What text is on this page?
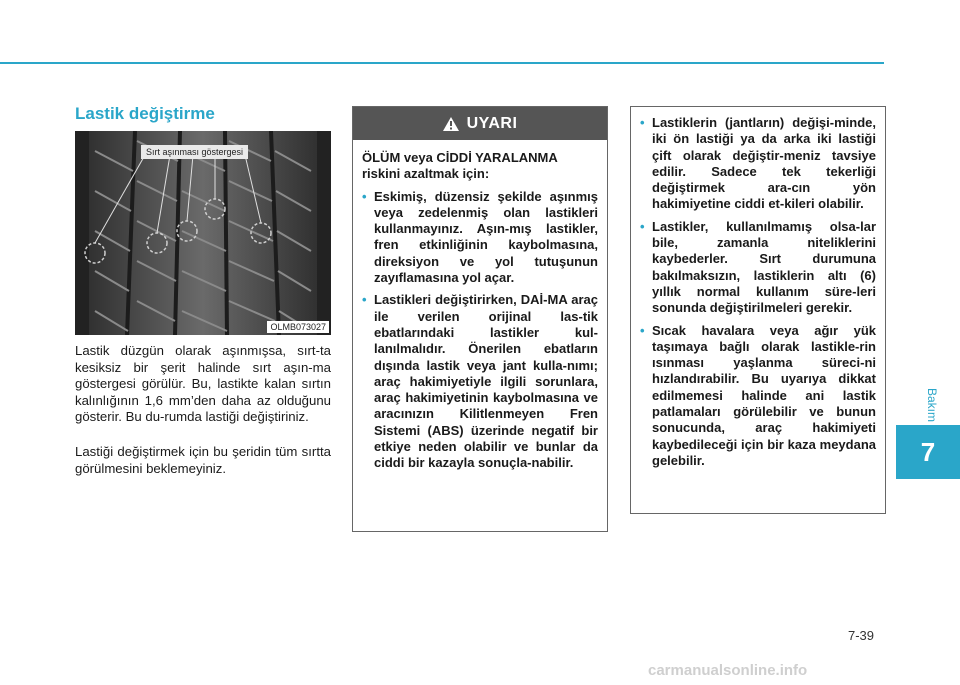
Bakım
7
Lastik değiştirme
Sırt aşınması göstergesi
OLMB073027

Lastik düzgün olarak aşınmışsa, sırt-ta kesiksiz bir şerit halinde sırt aşın-ma göstergesi görülür. Bu, lastikte kalan sırtın kalınlığının 1,6 mm’den daha az olduğunu gösterir. Bu du-rumda lastiği değiştiriniz.

Lastiği değiştirmek için bu şeridin tüm sırtta görülmesini beklemeyiniz.

UYARI

ÖLÜM veya CİDDİ YARALANMA riskini azaltmak için:

• Eskimiş, düzensiz şekilde aşınmış veya zedelenmiş olan lastikleri kullanmayınız. Aşın-mış lastikler, fren etkinliğinin kaybolmasına, direksiyon ve yol tutuşunun zayıflamasına yol açar.
• Lastikleri değiştirirken, DAİ-MA araç ile verilen orijinal las-tik ebatlarındaki lastikler kul-lanılmalıdır. Önerilen ebatların dışında lastik veya jant kulla-nımı; araç hakimiyetiyle ilgili sorunlara, araç hakimiyetinin kaybolmasına ve aracınızın Kilitlenmeyen Fren Sistemi (ABS) üzerinde negatif bir etkiye neden olabilir ve bunlar da ciddi bir kazayla sonuçla-nabilir.
• Lastiklerin (jantların) değişi-minde, iki ön lastiği ya da arka iki lastiği çift olarak değiştir-meniz tavsiye edilir. Sadece tek tekerliği değiştirmek ara-cın yön hakimiyetine ciddi et-kileri olabilir.
• Lastikler, kullanılmamış olsa-lar bile, zamanla niteliklerini kaybederler. Sırt durumuna bakılmaksızın, lastiklerin altı (6) yıllık normal kullanım süre-leri sonunda değiştirilmeleri gerekir.
• Sıcak havalara veya ağır yük taşımaya bağlı olarak lastikle-rin ısınması yaşlanma süreci-ni hızlandırabilir. Bu uyarıya dikkat edilmemesi halinde ani lastik patlamaları görülebilir ve bunun sonucunda, araç hakimiyeti kaybedileceği için bir kaza meydana gelebilir.
7-39
carmanualsonline.info
